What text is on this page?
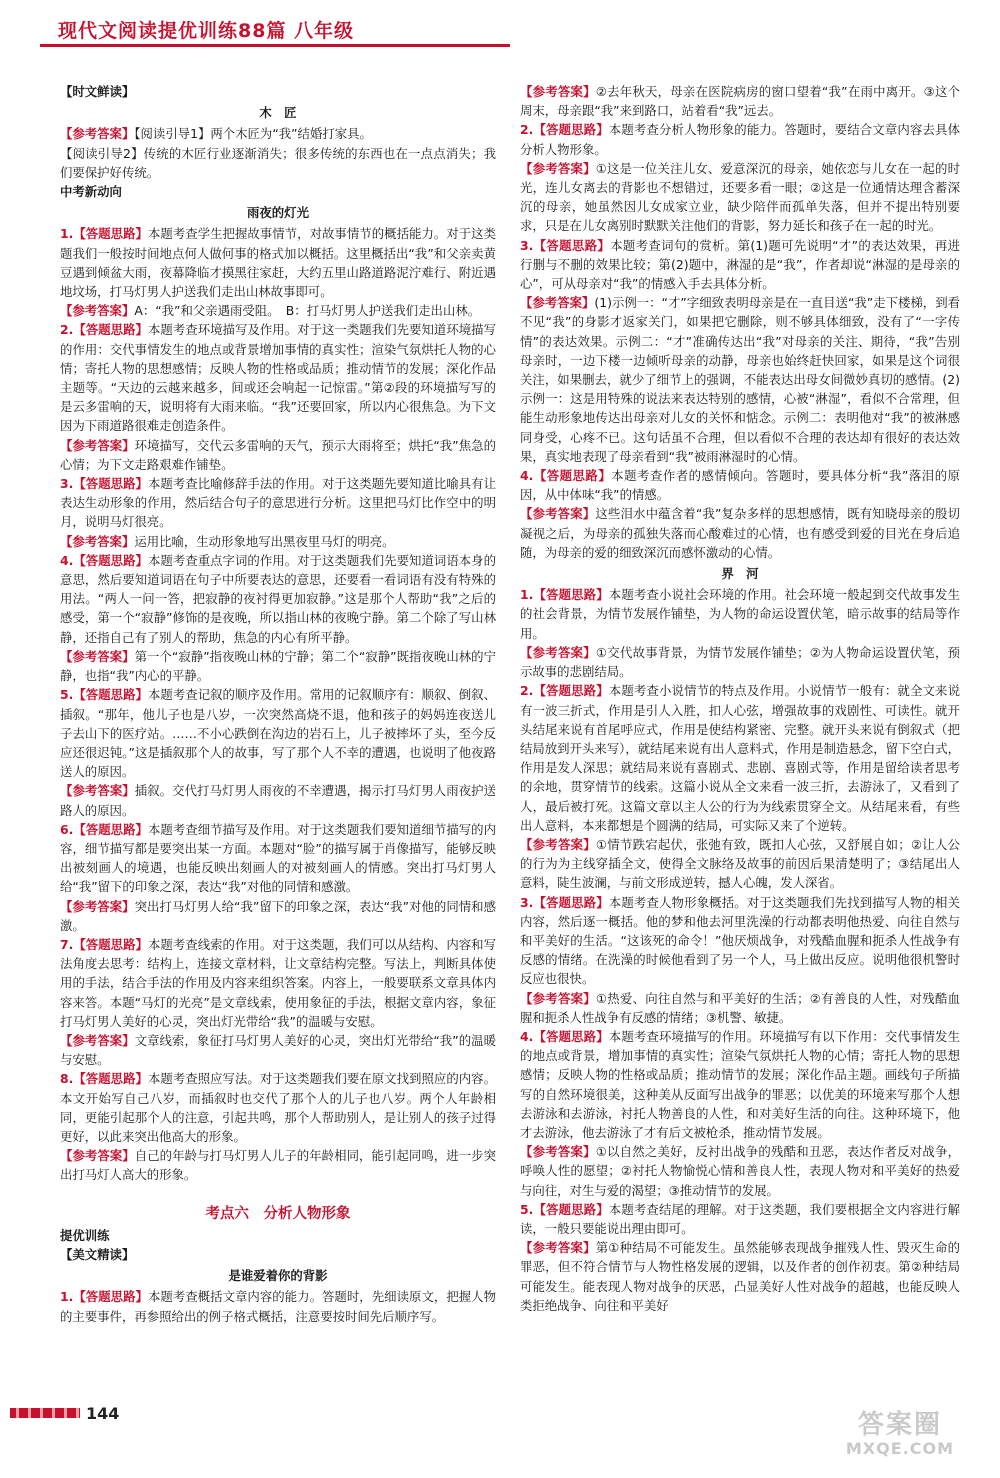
现代文阅读提优训练88篇 八年级

【时文鲜读】

木　匠

【参考答案】【阅读引导1】两个木匠为“我”结婚打家具。

【阅读引导2】传统的木匠行业逐渐消失；很多传统的东西也在一点点消失；我们要保护好传统。

中考新动向

雨夜的灯光

1.【答题思路】本题考查学生把握故事情节，对故事情节的概括能力。对于这类题我们一般按时间地点何人做何事的格式加以概括。这里概括出“我”和父亲卖黄豆遇到倾盆大雨，夜幕降临才摸黑往家赶，大约五里山路道路泥泞难行、附近遇地坟场，打马灯男人护送我们走出山林故事即可。

【参考答案】A：“我”和父亲遇雨受阻。　B：打马灯男人护送我们走出山林。

2.【答题思路】本题考查环境描写及作用。对于这一类题我们先要知道环境描写的作用：交代事情发生的地点或背景增加事情的真实性；渲染气氛烘托人物的心情；寄托人物的思想感情；反映人物的性格或品质；推动情节的发展；深化作品主题等。“天边的云越来越多，间或还会响起一记惊雷。”第②段的环境描写写的是云多雷响的天，说明将有大雨来临。“我”还要回家，所以内心很焦急。为下文因为下雨道路很难走创造条件。

【参考答案】环境描写，交代云多雷响的天气，预示大雨将至；烘托“我”焦急的心情；为下文走路艰难作铺垫。

3.【答题思路】本题考查比喻修辞手法的作用。对于这类题先要知道比喻具有让表达生动形象的作用，然后结合句子的意思进行分析。这里把马灯比作空中的明月，说明马灯很亮。

【参考答案】运用比喻，生动形象地写出黑夜里马灯的明亮。

4.【答题思路】本题考查重点字词的作用。对于这类题我们先要知道词语本身的意思，然后要知道词语在句子中所要表达的意思，还要看一看词语有没有特殊的用法。“两人一问一答，把寂静的夜衬得更加寂静。”这是那个人帮助“我”之后的感受，第一个“寂静”修饰的是夜晚，所以指山林的夜晚宁静。第二个除了写山林静，还指自己有了别人的帮助，焦急的内心有所平静。

【参考答案】第一个“寂静”指夜晚山林的宁静；第二个“寂静”既指夜晚山林的宁静，也指“我”内心的平静。

5.【答题思路】本题考查记叙的顺序及作用。常用的记叙顺序有：顺叙、倒叙、插叙。“那年，他儿子也是八岁，一次突然高烧不退，他和孩子的妈妈连夜送儿子去山下的医疗站。……不小心跌倒在沟边的岩石上，儿子被摔坏了头，至今反应还很迟钝。”这是插叙那个人的故事，写了那个人不幸的遭遇，也说明了他夜路送人的原因。

【参考答案】插叙。交代打马灯男人雨夜的不幸遭遇，揭示打马灯男人雨夜护送路人的原因。

6.【答题思路】本题考查细节描写及作用。对于这类题我们要知道细节描写的内容，细节描写都是要突出某一方面。本题对“脸”的描写属于肖像描写，能够反映出被刻画人的境遇，也能反映出刻画人的对被刻画人的情感。突出打马灯男人给“我”留下的印象之深，表达“我”对他的同情和感激。

【参考答案】突出打马灯男人给“我”留下的印象之深，表达“我”对他的同情和感激。

7.【答题思路】本题考查线索的作用。对于这类题，我们可以从结构、内容和写法角度去思考：结构上，连接文章材料，让文章结构完整。写法上，判断具体使用的手法，结合手法的作用及内容来组织答案。内容上，一般要联系文章具体内容来答。本题“马灯的光亮”是文章线索，使用象征的手法，根据文章内容，象征打马灯男人美好的心灵，突出灯光带给“我”的温暖与安慰。

【参考答案】文章线索，象征打马灯男人美好的心灵，突出灯光带给“我”的温暖与安慰。

8.【答题思路】本题考查照应写法。对于这类题我们要在原文找到照应的内容。本文开始写自己八岁，而插叙时也交代了那个人的儿子也八岁。两个人年龄相同，更能引起那个人的注意，引起共鸣，那个人帮助别人，是让别人的孩子过得更好，以此来突出他高大的形象。

【参考答案】自己的年龄与打马灯男人儿子的年龄相同，能引起同鸣，进一步突出打马灯人高大的形象。

考点六　分析人物形象

提优训练

【美文精读】

是谁爱着你的背影

1.【答题思路】本题考查概括文章内容的能力。答题时，先细读原文，把握人物的主要事件，再参照给出的例子格式概括，注意要按时间先后顺序写。

【参考答案】②去年秋天，母亲在医院病房的窗口望着“我”在雨中离开。③这个周末，母亲跟“我”来到路口，站着看“我”远去。

2.【答题思路】本题考查分析人物形象的能力。答题时，要结合文章内容去具体分析人物形象。

【参考答案】①这是一位关注儿女、爱意深沉的母亲，她依恋与儿女在一起的时光，连儿女离去的背影也不想错过，还要多看一眼；②这是一位通情达理含蓄深沉的母亲，她虽然因儿女成家立业，缺少陪伴而孤单失落，但并不提出特别要求，只是在儿女离别时默默关注他们的背影，努力延长和孩子在一起的时光。

3.【答题思路】本题考查词句的赏析。第(1)题可先说明“才”的表达效果，再进行删与不删的效果比较；第(2)题中，淋湿的是“我”，作者却说“淋湿的是母亲的心”，可从母亲对“我”的情感入手去具体分析。

【参考答案】(1)示例一：“才”字细致表明母亲是在一直目送“我”走下楼梯，到看不见“我”的身影才返家关门，如果把它删除，则不够具体细致，没有了“一字传情”的表达效果。示例二：“才”准确传达出“我”对母亲的关注、期待，“我”告别母亲时，一边下楼一边倾听母亲的动静，母亲也始终赶快回家，如果是这个词很关注，如果删去，就少了细节上的强调，不能表达出母女间微妙真切的感情。(2)示例一：这是用特殊的说法来表达特别的感情，心被“淋湿”，看似不合常理，但能生动形象地传达出母亲对儿女的关怀和惦念。示例二：表明他对“我”的被淋感同身受，心疼不已。这句话虽不合理，但以看似不合理的表达却有很好的表达效果，真实地表现了母亲看到“我”被雨淋湿时的心情。

4.【答题思路】本题考查作者的感情倾向。答题时，要具体分析“我”落泪的原因，从中体味“我”的情感。

【参考答案】这些泪水中蕴含着“我”复杂多样的思想感情，既有知晓母亲的殷切凝视之后，为母亲的孤独失落而心酸难过的心情，也有感受到爱的目光在身后追随，为母亲的爱的细致深沉而感怀激动的心情。

界　河

1.【答题思路】本题考查小说社会环境的作用。社会环境一般起到交代故事发生的社会背景，为情节发展作铺垫，为人物的命运设置伏笔，暗示故事的结局等作用。

【参考答案】①交代故事背景，为情节发展作铺垫；②为人物命运设置伏笔，预示故事的悲剧结局。

2.【答题思路】本题考查小说情节的特点及作用。小说情节一般有：就全文来说有一波三折式，作用是引人入胜，扣人心弦，增强故事的戏剧性、可读性。就开头结尾来说有首尾呼应式，作用是使结构紧密、完整。就开头来说有倒叙式（把结局放到开头来写），就结尾来说有出人意料式，作用是制造悬念，留下空白式，作用是发人深思；就结局来说有喜剧式、悲剧、喜剧式等，作用是留给读者思考的余地，贯穿情节的线索。这篇小说从全文来看一波三折，去游泳了，又看到了人，最后被打死。这篇文章以主人公的行为为线索贯穿全文。从结尾来看，有些出人意料，本来都想是个圆满的结局，可实际又来了个逆转。

【参考答案】①情节跌宕起伏，张弛有致，既扣人心弦，又舒展自如；②让人公的行为为主线穿插全文，使得全文脉络及故事的前因后果清楚明了；③结尾出人意料，陡生波澜，与前文形成逆转，撼人心魄，发人深省。

3.【答题思路】本题考查人物形象概括。对于这类题我们先找到描写人物的相关内容，然后逐一概括。他的梦和他去河里洗澡的行动都表明他热爱、向往自然与和平美好的生活。“这该死的命令！”他厌烦战争，对残酷血腥和扼杀人性战争有反感的情绪。在洗澡的时候他看到了另一个人，马上做出反应。说明他很机警时反应也很快。

【参考答案】①热爱、向往自然与和平美好的生活；②有善良的人性，对残酷血腥和扼杀人性战争有反感的情绪；③机警、敏捷。

4.【答题思路】本题考查环境描写的作用。环境描写有以下作用：交代事情发生的地点或背景，增加事情的真实性；渲染气氛烘托人物的心情；寄托人物的思想感情；反映人物的性格或品质；推动情节的发展；深化作品主题。画线句子所描写的自然环境很美，这种美从反面写出战争的罪恶；以优美的环境来写那个人想去游泳和去游泳，衬托人物善良的人性，和对美好生活的向往。这种环境下，他才去游泳，他去游泳了才有后文被枪杀，推动情节发展。

【参考答案】①以自然之美好，反衬出战争的残酷和丑恶，表达作者反对战争，呼唤人性的愿望；②衬托人物愉悦心情和善良人性，表现人物对和平美好的热爱与向往，对生与爱的渴望；③推动情节的发展。

5.【答题思路】本题考查结尾的理解。对于这类题，我们要根据全文内容进行解读，一般只要能说出理由即可。

【参考答案】第①种结局不可能发生。虽然能够表现战争摧残人性、毁灭生命的罪恶，但不符合情节与人物性格发展的逻辑，以及作者的创作初衷。第②种结局可能发生。能表现人物对战争的厌恶，凸显美好人性对战争的超越，也能反映人类拒绝战争、向往和平美好

144	答案圈
MXQE.COM
